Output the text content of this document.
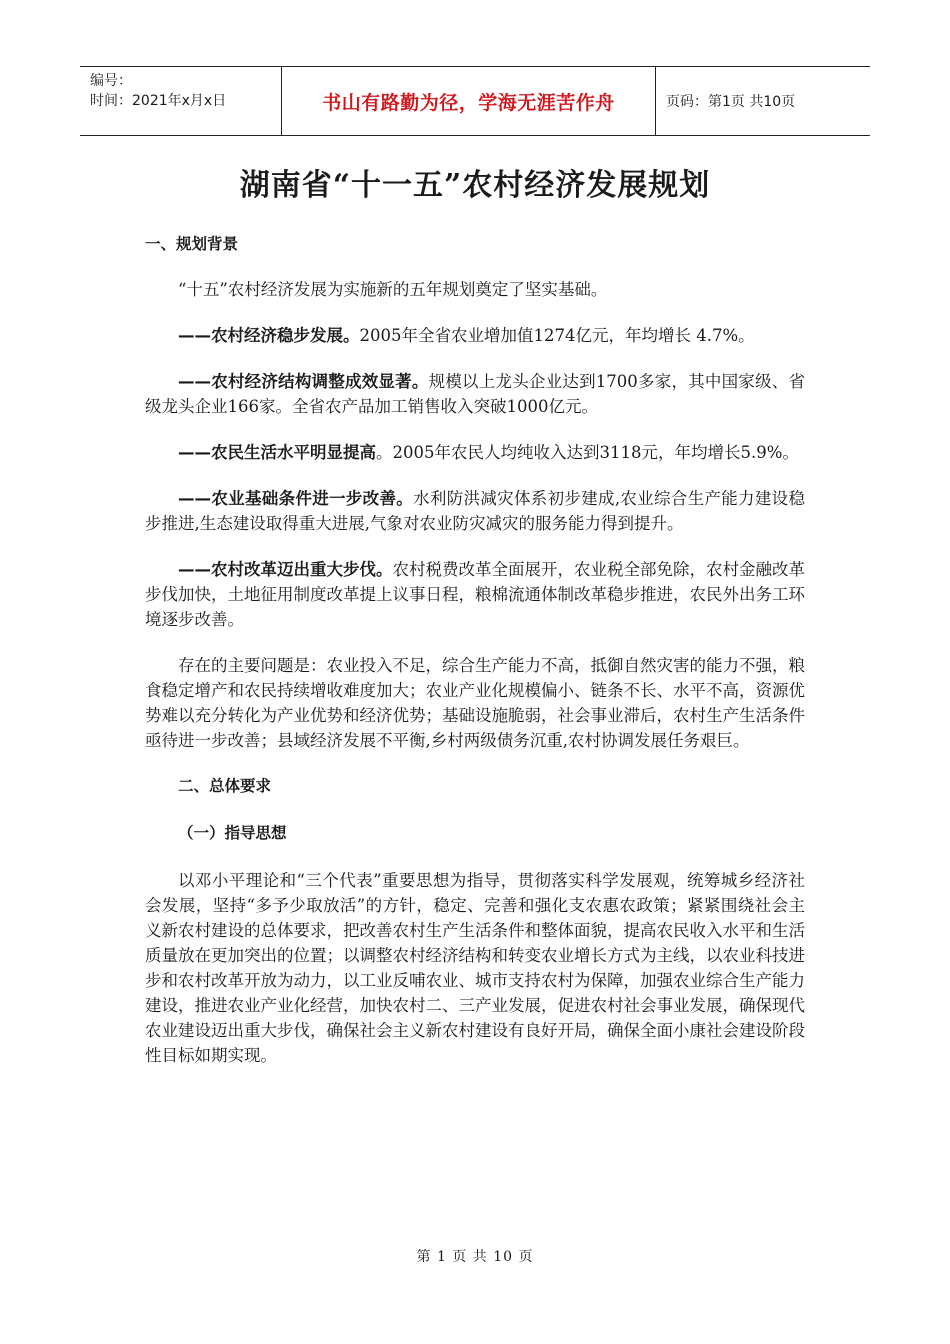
编号：
时间：2021年x月x日	书山有路勤为径，学海无涯苦作舟	页码：第1页 共10页
湖南省“十一五”农村经济发展规划

一、规划背景

“十五”农村经济发展为实施新的五年规划奠定了坚实基础。

——农村经济稳步发展。2005年全省农业增加值1274亿元，年均增长 4.7%。

——农村经济结构调整成效显著。规模以上龙头企业达到1700多家，其中国家级、省级龙头企业166家。全省农产品加工销售收入突破1000亿元。

——农民生活水平明显提高。2005年农民人均纯收入达到3118元，年均增长5.9%。

——农业基础条件进一步改善。水利防洪减灾体系初步建成,农业综合生产能力建设稳步推进,生态建设取得重大进展,气象对农业防灾减灾的服务能力得到提升。

——农村改革迈出重大步伐。农村税费改革全面展开，农业税全部免除，农村金融改革步伐加快，土地征用制度改革提上议事日程，粮棉流通体制改革稳步推进，农民外出务工环境逐步改善。

存在的主要问题是：农业投入不足，综合生产能力不高，抵御自然灾害的能力不强，粮食稳定增产和农民持续增收难度加大；农业产业化规模偏小、链条不长、水平不高，资源优势难以充分转化为产业优势和经济优势；基础设施脆弱，社会事业滞后，农村生产生活条件亟待进一步改善；县域经济发展不平衡,乡村两级债务沉重,农村协调发展任务艰巨。

二、总体要求

（一）指导思想

以邓小平理论和“三个代表”重要思想为指导，贯彻落实科学发展观，统筹城乡经济社会发展，坚持“多予少取放活”的方针，稳定、完善和强化支农惠农政策；紧紧围绕社会主义新农村建设的总体要求，把改善农村生产生活条件和整体面貌，提高农民收入水平和生活质量放在更加突出的位置；以调整农村经济结构和转变农业增长方式为主线，以农业科技进步和农村改革开放为动力，以工业反哺农业、城市支持农村为保障，加强农业综合生产能力建设，推进农业产业化经营，加快农村二、三产业发展，促进农村社会事业发展，确保现代农业建设迈出重大步伐，确保社会主义新农村建设有良好开局，确保全面小康社会建设阶段性目标如期实现。

第 1 页 共 10 页
